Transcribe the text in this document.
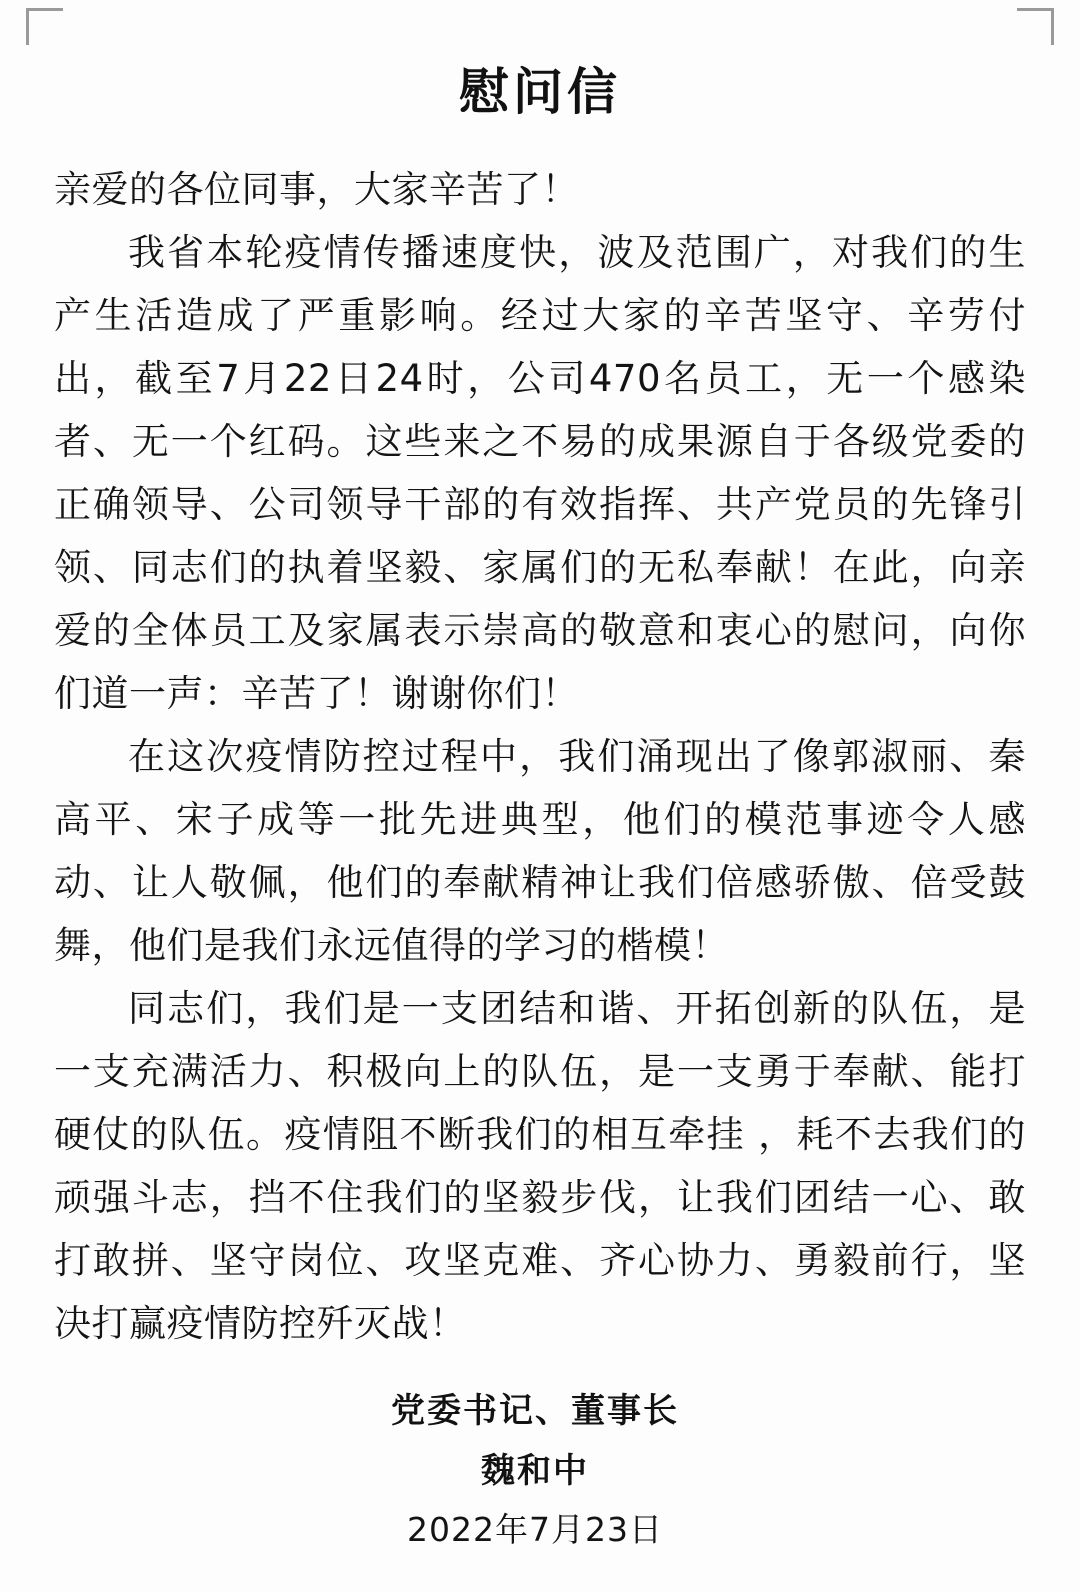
慰问信

亲爱的各位同事，大家辛苦了！

我省本轮疫情传播速度快，波及范围广，对我们的生产生活造成了严重影响。经过大家的辛苦坚守、辛劳付出，截至7月22日24时，公司470名员工，无一个感染者、无一个红码。这些来之不易的成果源自于各级党委的正确领导、公司领导干部的有效指挥、共产党员的先锋引领、同志们的执着坚毅、家属们的无私奉献！在此，向亲爱的全体员工及家属表示崇高的敬意和衷心的慰问，向你们道一声：辛苦了！谢谢你们！

在这次疫情防控过程中，我们涌现出了像郭淑丽、秦高平、宋子成等一批先进典型，他们的模范事迹令人感动、让人敬佩，他们的奉献精神让我们倍感骄傲、倍受鼓舞，他们是我们永远值得的学习的楷模！

同志们，我们是一支团结和谐、开拓创新的队伍，是一支充满活力、积极向上的队伍，是一支勇于奉献、能打硬仗的队伍。疫情阻不断我们的相互牵挂 ，耗不去我们的顽强斗志，挡不住我们的坚毅步伐，让我们团结一心、敢打敢拼、坚守岗位、攻坚克难、齐心协力、勇毅前行，坚决打赢疫情防控歼灭战！

党委书记、董事长
魏和中
2022年7月23日
